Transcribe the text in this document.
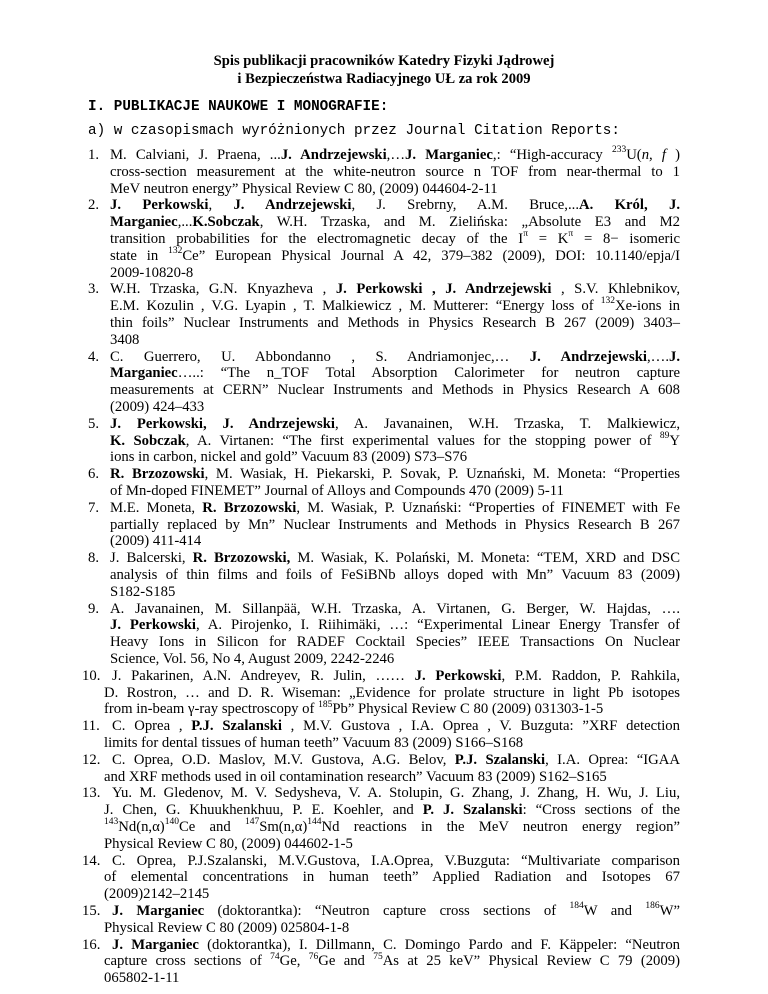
Spis publikacji pracowników Katedry Fizyki Jądrowej
i Bezpieczeństwa Radiacyjnego UŁ za rok 2009
I. PUBLIKACJE NAUKOWE I MONOGRAFIE:
a) w czasopismach wyróżnionych przez Journal Citation Reports:
1. M. Calviani, J. Praena, ...J. Andrzejewski,…J. Marganiec,: “High-accuracy $^{233}$U(n, f )
cross-section measurement at the white-neutron source n TOF from near-thermal to 1
MeV neutron energy” Physical Review C 80, (2009) 044604-2-11
2. J. Perkowski, J. Andrzejewski, J. Srebrny, A.M. Bruce,...A. Król, J.
Marganiec,...K.Sobczak, W.H. Trzaska, and M. Zielińska: „Absolute E3 and M2
transition probabilities for the electromagnetic decay of the $I^\pi = K^\pi = 8-$ isomeric
state in $^{132}$Ce” European Physical Journal A 42, 379–382 (2009), DOI: 10.1140/epja/I
2009-10820-8
3. W.H. Trzaska, G.N. Knyazheva , J. Perkowski , J. Andrzejewski , S.V. Khlebnikov,
E.M. Kozulin , V.G. Lyapin , T. Malkiewicz , M. Mutterer: “Energy loss of $^{132}$Xe-ions in
thin foils” Nuclear Instruments and Methods in Physics Research B 267 (2009) 3403–
3408
4. C. Guerrero, U. Abbondanno , S. Andriamonjec,… J. Andrzejewski,….J.
Marganiec…..: “The n_TOF Total Absorption Calorimeter for neutron capture
measurements at CERN” Nuclear Instruments and Methods in Physics Research A 608
(2009) 424–433
5. J. Perkowski, J. Andrzejewski, A. Javanainen, W.H. Trzaska, T. Malkiewicz,
K. Sobczak, A. Virtanen: “The first experimental values for the stopping power of $^{89}$Y
ions in carbon, nickel and gold” Vacuum 83 (2009) S73–S76
6. R. Brzozowski, M. Wasiak, H. Piekarski, P. Sovak, P. Uznański, M. Moneta: “Properties
of Mn-doped FINEMET” Journal of Alloys and Compounds 470 (2009) 5-11
7. M.E. Moneta, R. Brzozowski, M. Wasiak, P. Uznański: “Properties of FINEMET with Fe
partially replaced by Mn” Nuclear Instruments and Methods in Physics Research B 267
(2009) 411-414
8. J. Balcerski, R. Brzozowski, M. Wasiak, K. Polański, M. Moneta: “TEM, XRD and DSC
analysis of thin films and foils of FeSiBNb alloys doped with Mn” Vacuum 83 (2009)
S182-S185
9. A. Javanainen, M. Sillanpää, W.H. Trzaska, A. Virtanen, G. Berger, W. Hajdas, ….
J. Perkowski, A. Pirojenko, I. Riihimäki, …: “Experimental Linear Energy Transfer of
Heavy Ions in Silicon for RADEF Cocktail Species” IEEE Transactions On Nuclear
Science, Vol. 56, No 4, August 2009, 2242-2246
10. J. Pakarinen, A.N. Andreyev, R. Julin, …… J. Perkowski, P.M. Raddon, P. Rahkila,
D. Rostron, … and D. R. Wiseman: „Evidence for prolate structure in light Pb isotopes
from in-beam γ-ray spectroscopy of $^{185}$Pb” Physical Review C 80 (2009) 031303-1-5
11. C. Oprea , P.J. Szalanski , M.V. Gustova , I.A. Oprea , V. Buzguta: ”XRF detection
limits for dental tissues of human teeth” Vacuum 83 (2009) S166–S168
12. C. Oprea, O.D. Maslov, M.V. Gustova, A.G. Belov, P.J. Szalanski, I.A. Oprea: “IGAA
and XRF methods used in oil contamination research” Vacuum 83 (2009) S162–S165
13. Yu. M. Gledenov, M. V. Sedysheva, V. A. Stolupin, G. Zhang, J. Zhang, H. Wu, J. Liu,
J. Chen, G. Khuukhenkhuu, P. E. Koehler, and P. J. Szalanski: “Cross sections of the
$^{143}Nd(n,\alpha)^{140}Ce$ and $^{147}Sm(n,\alpha)^{144}Nd$ reactions in the MeV neutron energy region”
Physical Review C 80, (2009) 044602-1-5
14. C. Oprea, P.J.Szalanski, M.V.Gustova, I.A.Oprea, V.Buzguta: “Multivariate comparison
of elemental concentrations in human teeth” Applied Radiation and Isotopes 67
(2009)2142–2145
15. J. Marganiec (doktorantka): “Neutron capture cross sections of $^{184}$W and $^{186}$W”
Physical Review C 80 (2009) 025804-1-8
16. J. Marganiec (doktorantka), I. Dillmann, C. Domingo Pardo and F. Käppeler: “Neutron
capture cross sections of $^{74}$Ge, $^{76}$Ge and $^{75}$As at 25 keV” Physical Review C 79 (2009)
065802-1-11
